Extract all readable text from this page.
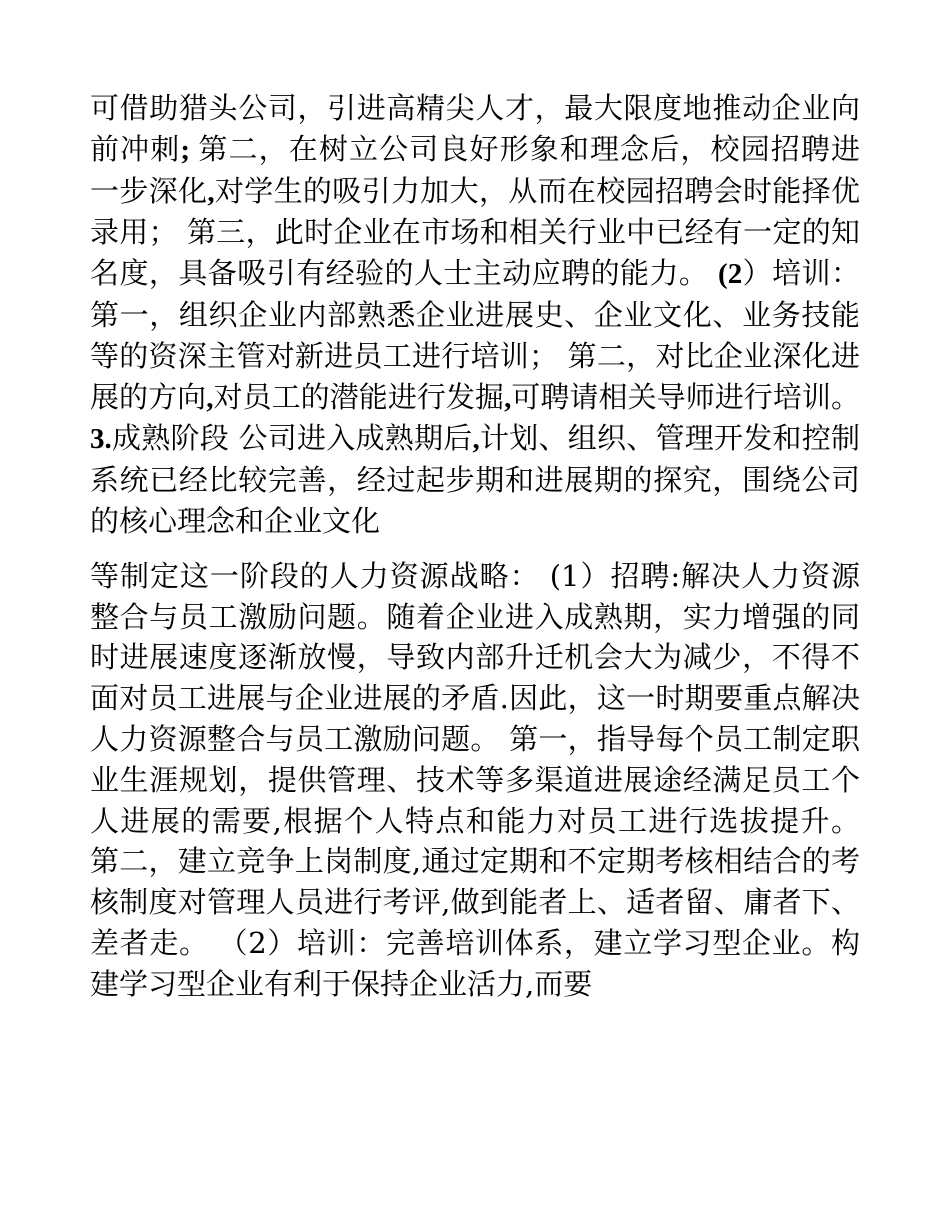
可借助猎头公司，引进高精尖人才，最大限度地推动企业向前冲刺; 第二，在树立公司良好形象和理念后，校园招聘进一步深化,对学生的吸引力加大，从而在校园招聘会时能择优录用； 第三，此时企业在市场和相关行业中已经有一定的知名度，具备吸引有经验的人士主动应聘的能力。 (2）培训： 第一，组织企业内部熟悉企业进展史、企业文化、业务技能等的资深主管对新进员工进行培训； 第二，对比企业深化进展的方向,对员工的潜能进行发掘,可聘请相关导师进行培训。3.成熟阶段 公司进入成熟期后,计划、组织、管理开发和控制系统已经比较完善，经过起步期和进展期的探究，围绕公司的核心理念和企业文化

等制定这一阶段的人力资源战略： (1）招聘:解决人力资源整合与员工激励问题。随着企业进入成熟期，实力增强的同时进展速度逐渐放慢，导致内部升迁机会大为减少，不得不面对员工进展与企业进展的矛盾.因此，这一时期要重点解决人力资源整合与员工激励问题。 第一，指导每个员工制定职业生涯规划，提供管理、技术等多渠道进展途经满足员工个人进展的需要,根据个人特点和能力对员工进行选拔提升。 第二，建立竞争上岗制度,通过定期和不定期考核相结合的考核制度对管理人员进行考评,做到能者上、适者留、庸者下、差者走。 （2）培训：完善培训体系，建立学习型企业。构建学习型企业有利于保持企业活力,而要
